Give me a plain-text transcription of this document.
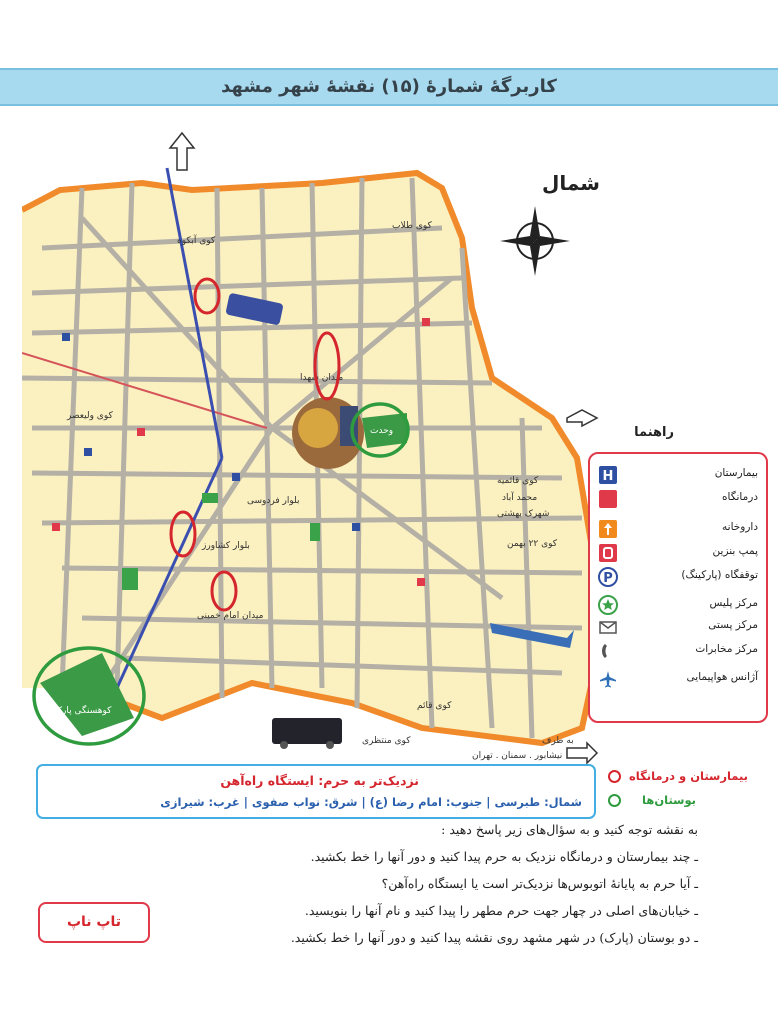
کاربرگهٔ شمارهٔ (۱۵) نقشهٔ شهر مشهد
N
شمال
کوی طلاب
کوی آبکوه
کوی ولیعصر
کوی قائمیه
محمد آباد
شهرک بهشتی
کوی ۲۲ بهمن
کوی منتظری
کوی قائم
کوهسنگی پارک
وحدت
میدان شهدا
بلوار کشاورز
میدان امام خمینی
بلوار فردوسی
به طرف
نیشابور . سمنان . تهران
راهنما
H	بیمارستان
درمانگاه
داروخانه
پمپ بنزین
P	توقفگاه (پارکینگ)
مرکز پلیس
مرکز پستی
مرکز مخابرات
آژانس هواپیمایی
بیمارستان و درمانگاه
بوستان‌ها
نزدیک‌تر به حرم: ایستگاه راه‌آهن
شمال: طبرسی | جنوب: امام رضا (ع) | شرق: نواب صفوی | غرب: شیرازی
به نقشه توجه کنید و به سؤال‌های زیر پاسخ دهید :
ـ چند بیمارستان و درمانگاه نزدیک به حرم پیدا کنید و دور آنها را خط بکشید.
ـ آیا حرم به پایانهٔ اتوبوس‌ها نزدیک‌تر است یا ایستگاه راه‌آهن؟
ـ خیابان‌های اصلی در چهار جهت حرم مطهر را پیدا کنید و نام آنها را بنویسید.
ـ دو بوستان (پارک) در شهر مشهد روی نقشه پیدا کنید و دور آنها را خط بکشید.
تاپ ناپ
